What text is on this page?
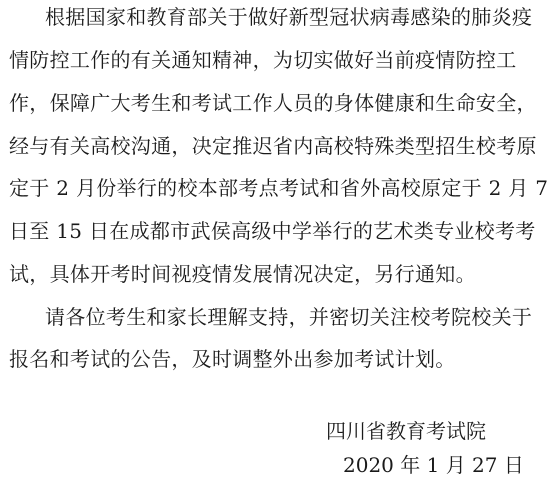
根据国家和教育部关于做好新型冠状病毒感染的肺炎疫
情防控工作的有关通知精神，为切实做好当前疫情防控工
作，保障广大考生和考试工作人员的身体健康和生命安全，
经与有关高校沟通，决定推迟省内高校特殊类型招生校考原
定于 2 月份举行的校本部考点考试和省外高校原定于 2 月 7
日至 15 日在成都市武侯高级中学举行的艺术类专业校考考
试，具体开考时间视疫情发展情况决定，另行通知。
请各位考生和家长理解支持，并密切关注校考院校关于
报名和考试的公告，及时调整外出参加考试计划。
四川省教育考试院
2020 年 1 月 27 日
